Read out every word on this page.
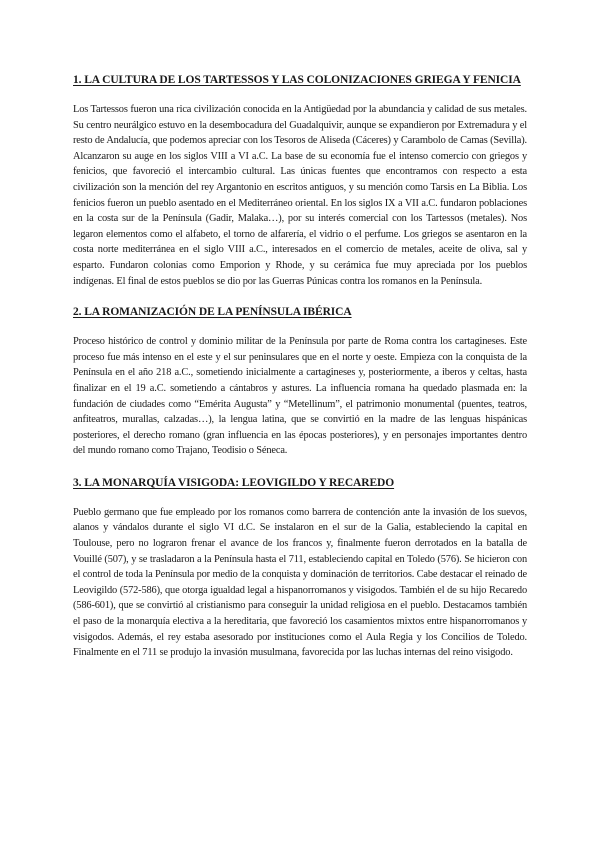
1. LA CULTURA DE LOS TARTESSOS Y LAS COLONIZACIONES GRIEGA Y FENICIA

Los Tartessos fueron una rica civilización conocida en la Antigüedad por la abundancia y calidad de sus metales. Su centro neurálgico estuvo en la desembocadura del Guadalquivir, aunque se expandieron por Extremadura y el resto de Andalucía, que podemos apreciar con los Tesoros de Aliseda (Cáceres) y Carambolo de Camas (Sevilla). Alcanzaron su auge en los siglos VIII a VI a.C. La base de su economía fue el intenso comercio con griegos y fenicios, que favoreció el intercambio cultural. Las únicas fuentes que encontramos con respecto a esta civilización son la mención del rey Argantonio en escritos antiguos, y su mención como Tarsis en La Biblia. Los fenicios fueron un pueblo asentado en el Mediterráneo oriental. En los siglos IX a VII a.C. fundaron poblaciones en la costa sur de la Península (Gadir, Malaka…), por su interés comercial con los Tartessos (metales). Nos legaron elementos como el alfabeto, el torno de alfarería, el vidrio o el perfume. Los griegos se asentaron en la costa norte mediterránea en el siglo VIII a.C., interesados en el comercio de metales, aceite de oliva, sal y esparto. Fundaron colonias como Emporion y Rhode, y su cerámica fue muy apreciada por los pueblos indígenas. El final de estos pueblos se dio por las Guerras Púnicas contra los romanos en la Península.

2. LA ROMANIZACIÓN DE LA PENÍNSULA IBÉRICA

Proceso histórico de control y dominio militar de la Península por parte de Roma contra los cartagineses. Este proceso fue más intenso en el este y el sur peninsulares que en el norte y oeste. Empieza con la conquista de la Península en el año 218 a.C., sometiendo inicialmente a cartagineses y, posteriormente, a iberos y celtas, hasta finalizar en el 19 a.C. sometiendo a cántabros y astures. La influencia romana ha quedado plasmada en: la fundación de ciudades como “Emérita Augusta” y “Metellinum”, el patrimonio monumental (puentes, teatros, anfiteatros, murallas, calzadas…), la lengua latina, que se convirtió en la madre de las lenguas hispánicas posteriores, el derecho romano (gran influencia en las épocas posteriores), y en personajes importantes dentro del mundo romano como Trajano, Teodisio o Séneca.

3. LA MONARQUÍA VISIGODA: LEOVIGILDO Y RECAREDO

Pueblo germano que fue empleado por los romanos como barrera de contención ante la invasión de los suevos, alanos y vándalos durante el siglo VI d.C. Se instalaron en el sur de la Galia, estableciendo la capital en Toulouse, pero no lograron frenar el avance de los francos y, finalmente fueron derrotados en la batalla de Vouillé (507), y se trasladaron a la Península hasta el 711, estableciendo capital en Toledo (576). Se hicieron con el control de toda la Península por medio de la conquista y dominación de territorios. Cabe destacar el reinado de Leovigildo (572-586), que otorga igualdad legal a hispanorromanos y visigodos. También el de su hijo Recaredo (586-601), que se convirtió al cristianismo para conseguir la unidad religiosa en el pueblo. Destacamos también el paso de la monarquía electiva a la hereditaria, que favoreció los casamientos mixtos entre hispanorromanos y visigodos. Además, el rey estaba asesorado por instituciones como el Aula Regia y los Concilios de Toledo. Finalmente en el 711 se produjo la invasión musulmana, favorecida por las luchas internas del reino visigodo.
